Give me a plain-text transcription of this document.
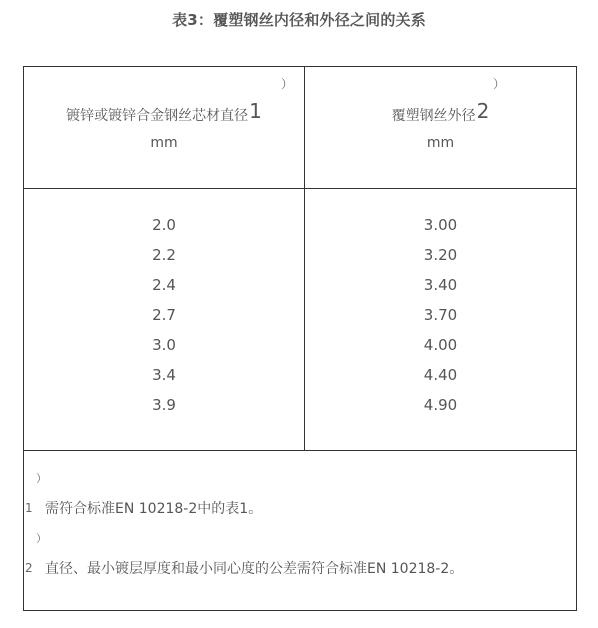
表3：覆塑钢丝内径和外径之间的关系
）
镀锌或镀锌合金钢丝芯材直径1
mm
）
覆塑钢丝外径2
mm
2.0
2.2
2.4
2.7
3.0
3.4
3.9
3.00
3.20
3.40
3.70
4.00
4.40
4.90
）
1 需符合标准EN 10218-2中的表1。
）
2 直径、最小镀层厚度和最小同心度的公差需符合标准EN 10218-2。
